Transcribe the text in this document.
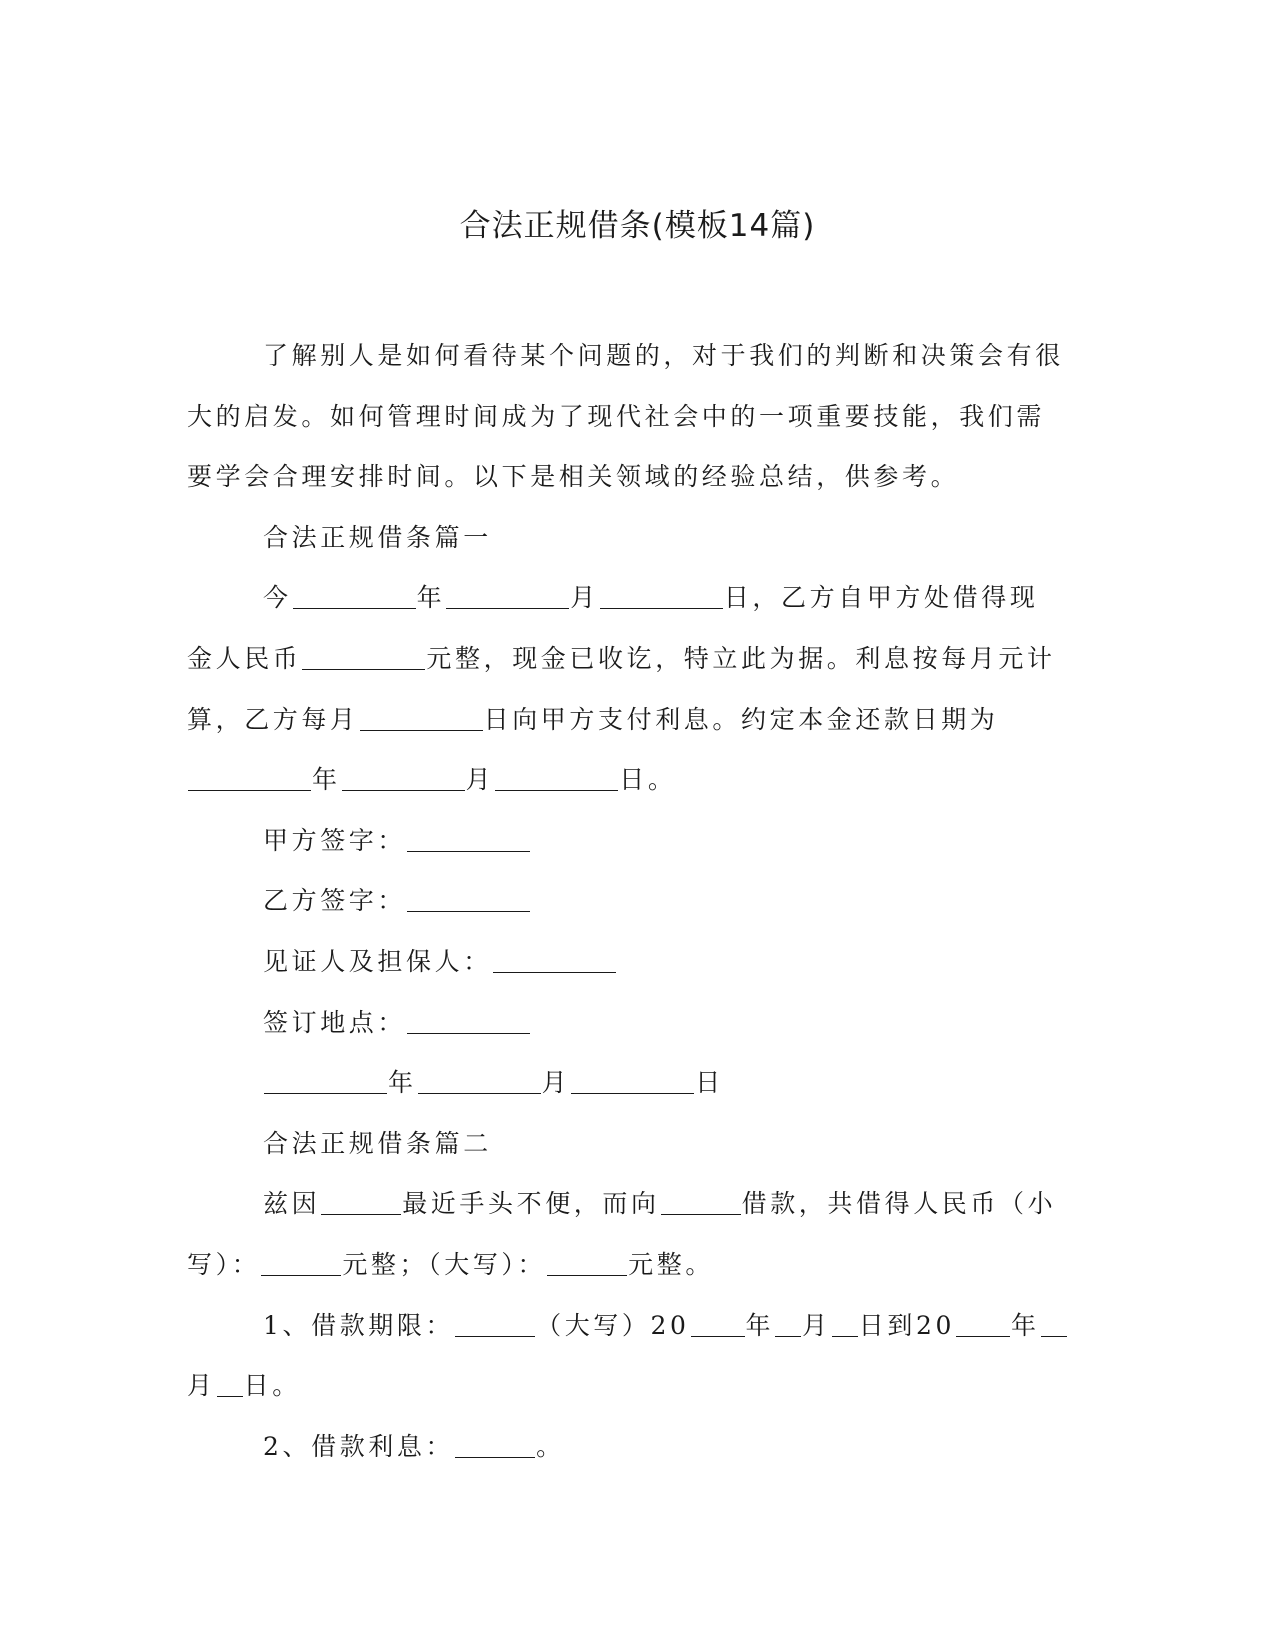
合法正规借条(模板14篇)

了解别人是如何看待某个问题的，对于我们的判断和决策会有很

大的启发。如何管理时间成为了现代社会中的一项重要技能，我们需

要学会合理安排时间。以下是相关领域的经验总结，供参考。

合法正规借条篇一

今	年	月	日，乙方自甲方处借得现

金人民币	元整，现金已收讫，特立此为据。利息按每月元计

算，乙方每月	日向甲方支付利息。约定本金还款日期为

年	月	日。

甲方签字：

乙方签字：

见证人及担保人：

签订地点：

年	月	日

合法正规借条篇二

兹因	最近手头不便，而向	借款，共借得人民币（小

写）：	元整；（大写）：	元整。

1、借款期限：	（大写）20 年 月 日到20 年

月 日。

2、借款利息：	。
